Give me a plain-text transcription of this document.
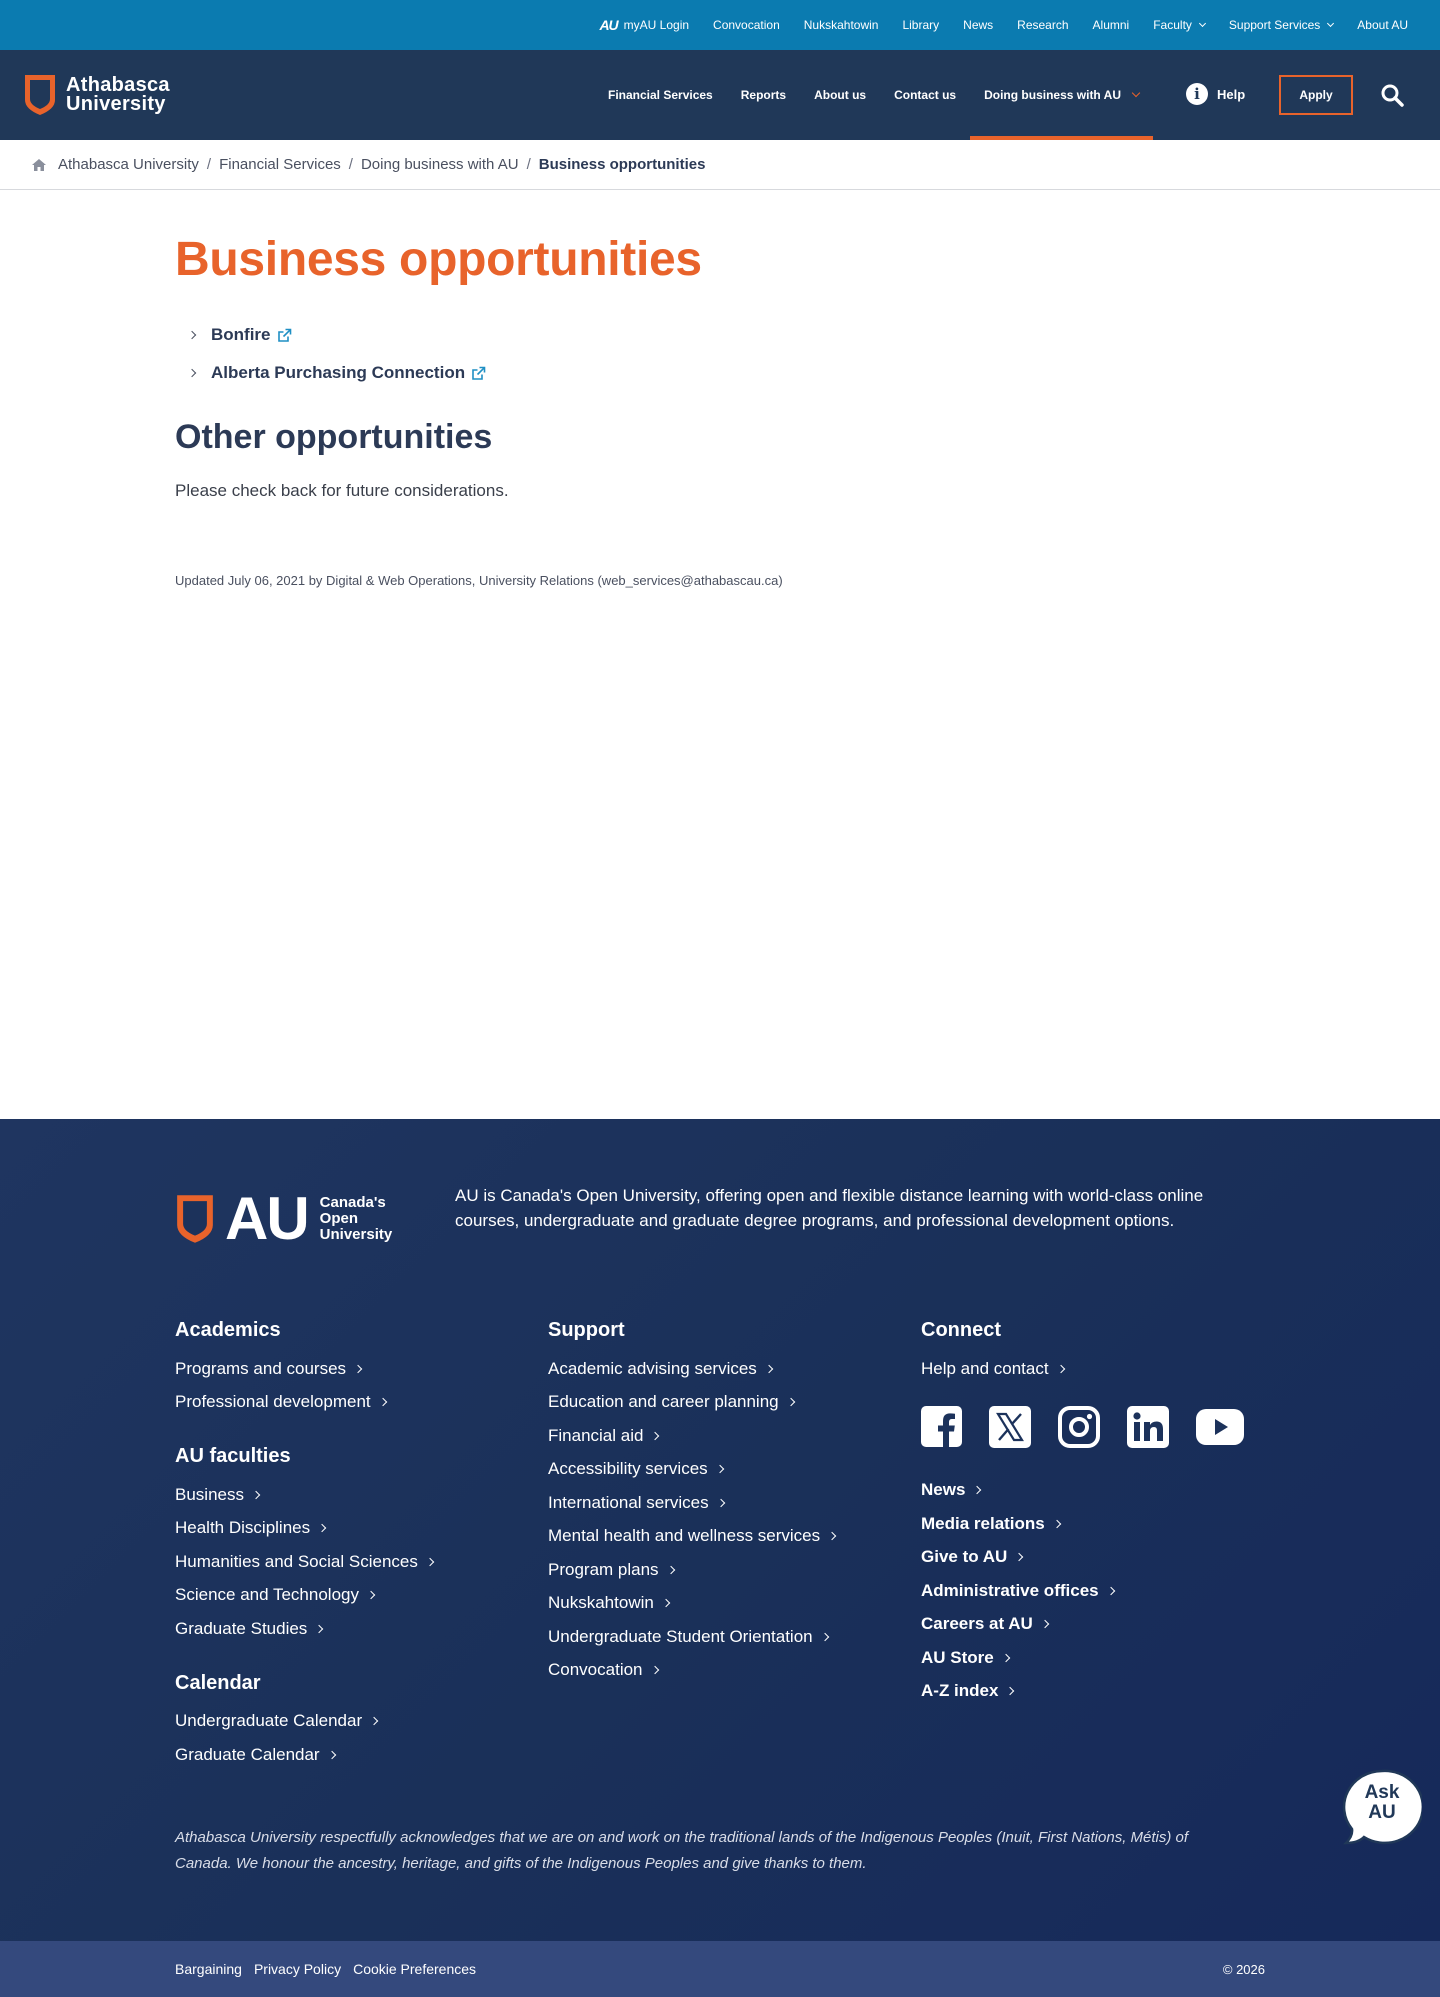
AU myAU Login Convocation Nukskahtowin Library News Research Alumni Faculty	Support Services	About AU
Athabasca
University	Financial Services	Reports	About us	Contact us	Doing business with AU	i	Help	Apply
Athabasca University / Financial Services / Doing business with AU / Business opportunities
Business opportunities
Bonfire
Alberta Purchasing Connection
Other opportunities

Please check back for future considerations.

Updated July 06, 2021 by Digital & Web Operations, University Relations (web_services@athabascau.ca)

AU Canada's
Open
University

AU is Canada's Open University, offering open and flexible distance learning with world-class online courses, undergraduate and graduate degree programs, and professional development options.

Academics
Programs and courses
Professional development
AU faculties
Business
Health Disciplines
Humanities and Social Sciences
Science and Technology
Graduate Studies
Calendar
Undergraduate Calendar
Graduate Calendar
Support
Academic advising services
Education and career planning
Financial aid
Accessibility services
International services
Mental health and wellness services
Program plans
Nukskahtowin
Undergraduate Student Orientation
Convocation
Connect
Help and contact
News
Media relations
Give to AU
Administrative offices
Careers at AU
AU Store
A-Z index

Athabasca University respectfully acknowledges that we are on and work on the traditional lands of the Indigenous Peoples (Inuit, First Nations, Métis) of Canada. We honour the ancestry, heritage, and gifts of the Indigenous Peoples and give thanks to them.

Ask
AU
Bargaining Privacy Policy Cookie Preferences	© 2026
